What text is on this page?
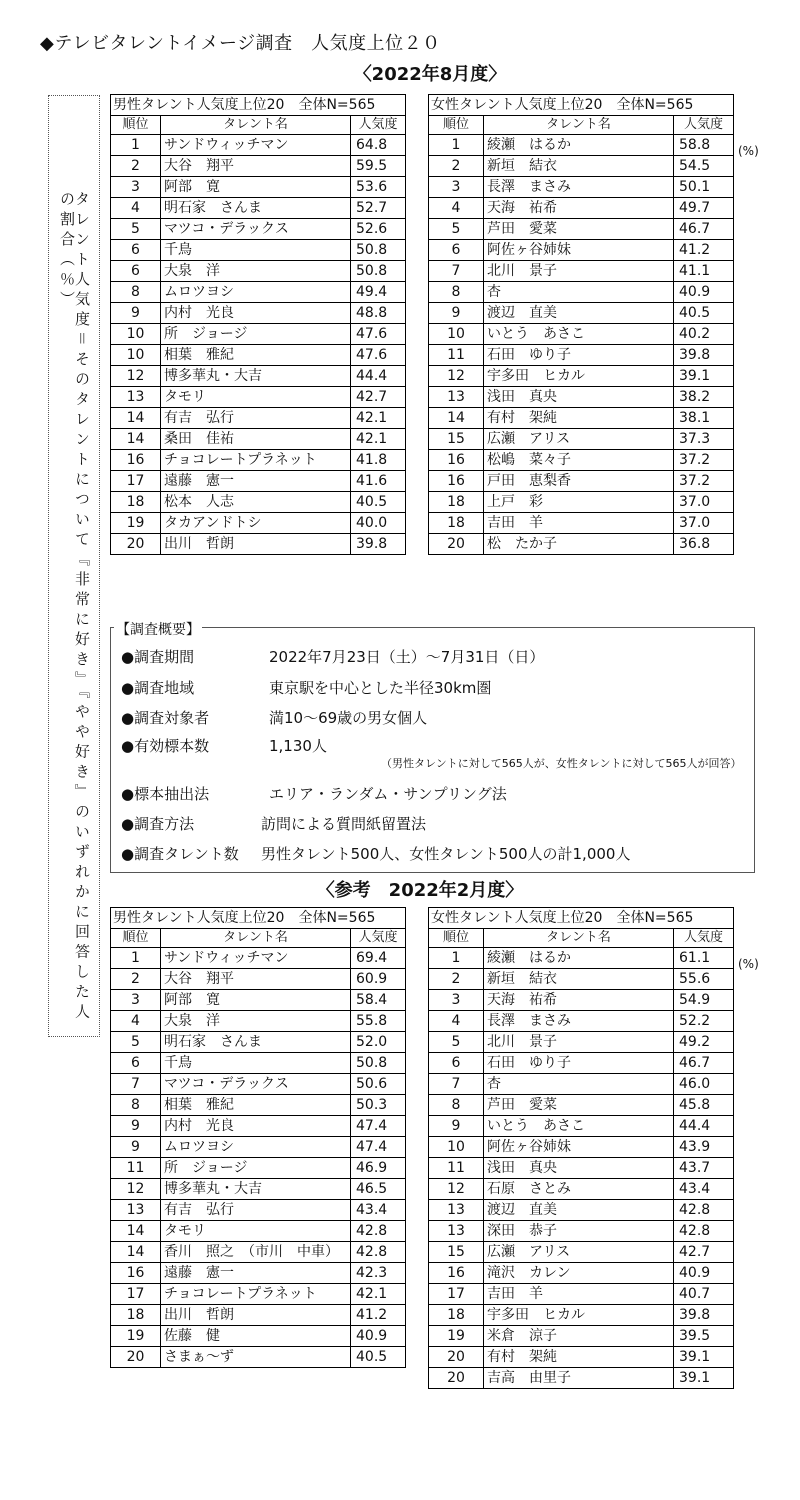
◆テレビタレントイメージ調査　人気度上位２０
〈2022年8月度〉
タレント人気度＝そのタレントについて『非常に好き』『やや好き』のいずれかに回答した人の割合（％）
男性タレント人気度上位20　全体N=565		
順位	タレント名	人気度
1	サンドウィッチマン	64.8
2	大谷　翔平	59.5
3	阿部　寛	53.6
4	明石家　さんま	52.7
5	マツコ・デラックス	52.6
6	千鳥	50.8
6	大泉　洋	50.8
8	ムロツヨシ	49.4
9	内村　光良	48.8
10	所　ジョージ	47.6
10	相葉　雅紀	47.6
12	博多華丸・大吉	44.4
13	タモリ	42.7
14	有吉　弘行	42.1
14	桑田　佳祐	42.1
16	チョコレートプラネット	41.8
17	遠藤　憲一	41.6
18	松本　人志	40.5
19	タカアンドトシ	40.0
20	出川　哲朗	39.8
女性タレント人気度上位20　全体N=565		
順位	タレント名	人気度
1	綾瀬　はるか	58.8
2	新垣　結衣	54.5
3	長澤　まさみ	50.1
4	天海　祐希	49.7
5	芦田　愛菜	46.7
6	阿佐ヶ谷姉妹	41.2
7	北川　景子	41.1
8	杏	40.9
9	渡辺　直美	40.5
10	いとう　あさこ	40.2
11	石田　ゆり子	39.8
12	宇多田　ヒカル	39.1
13	浅田　真央	38.2
14	有村　架純	38.1
15	広瀬　アリス	37.3
16	松嶋　菜々子	37.2
16	戸田　恵梨香	37.2
18	上戸　彩	37.0
18	吉田　羊	37.0
20	松　たか子	36.8
(%)
【調査概要】
●調査期間	2022年7月23日（土）～7月31日（日）
●調査地域	東京駅を中心とした半径30km圏
●調査対象者	満10～69歳の男女個人
●有効標本数	1,130人
（男性タレントに対して565人が、女性タレントに対して565人が回答）
●標本抽出法	エリア・ランダム・サンプリング法
●調査方法	訪問による質問紙留置法
●調査タレント数 男性タレント500人、女性タレント500人の計1,000人
〈参考　2022年2月度〉
男性タレント人気度上位20　全体N=565		
順位	タレント名	人気度
1	サンドウィッチマン	69.4
2	大谷　翔平	60.9
3	阿部　寛	58.4
4	大泉　洋	55.8
5	明石家　さんま	52.0
6	千鳥	50.8
7	マツコ・デラックス	50.6
8	相葉　雅紀	50.3
9	内村　光良	47.4
9	ムロツヨシ	47.4
11	所　ジョージ	46.9
12	博多華丸・大吉	46.5
13	有吉　弘行	43.4
14	タモリ	42.8
14	香川　照之　（市川　中車）	42.8
16	遠藤　憲一	42.3
17	チョコレートプラネット	42.1
18	出川　哲朗	41.2
19	佐藤　健	40.9
20	さまぁ～ず	40.5
女性タレント人気度上位20　全体N=565		
順位	タレント名	人気度
1	綾瀬　はるか	61.1
2	新垣　結衣	55.6
3	天海　祐希	54.9
4	長澤　まさみ	52.2
5	北川　景子	49.2
6	石田　ゆり子	46.7
7	杏	46.0
8	芦田　愛菜	45.8
9	いとう　あさこ	44.4
10	阿佐ヶ谷姉妹	43.9
11	浅田　真央	43.7
12	石原　さとみ	43.4
13	渡辺　直美	42.8
13	深田　恭子	42.8
15	広瀬　アリス	42.7
16	滝沢　カレン	40.9
17	吉田　羊	40.7
18	宇多田　ヒカル	39.8
19	米倉　涼子	39.5
20	有村　架純	39.1
20	吉高　由里子	39.1
(%)
